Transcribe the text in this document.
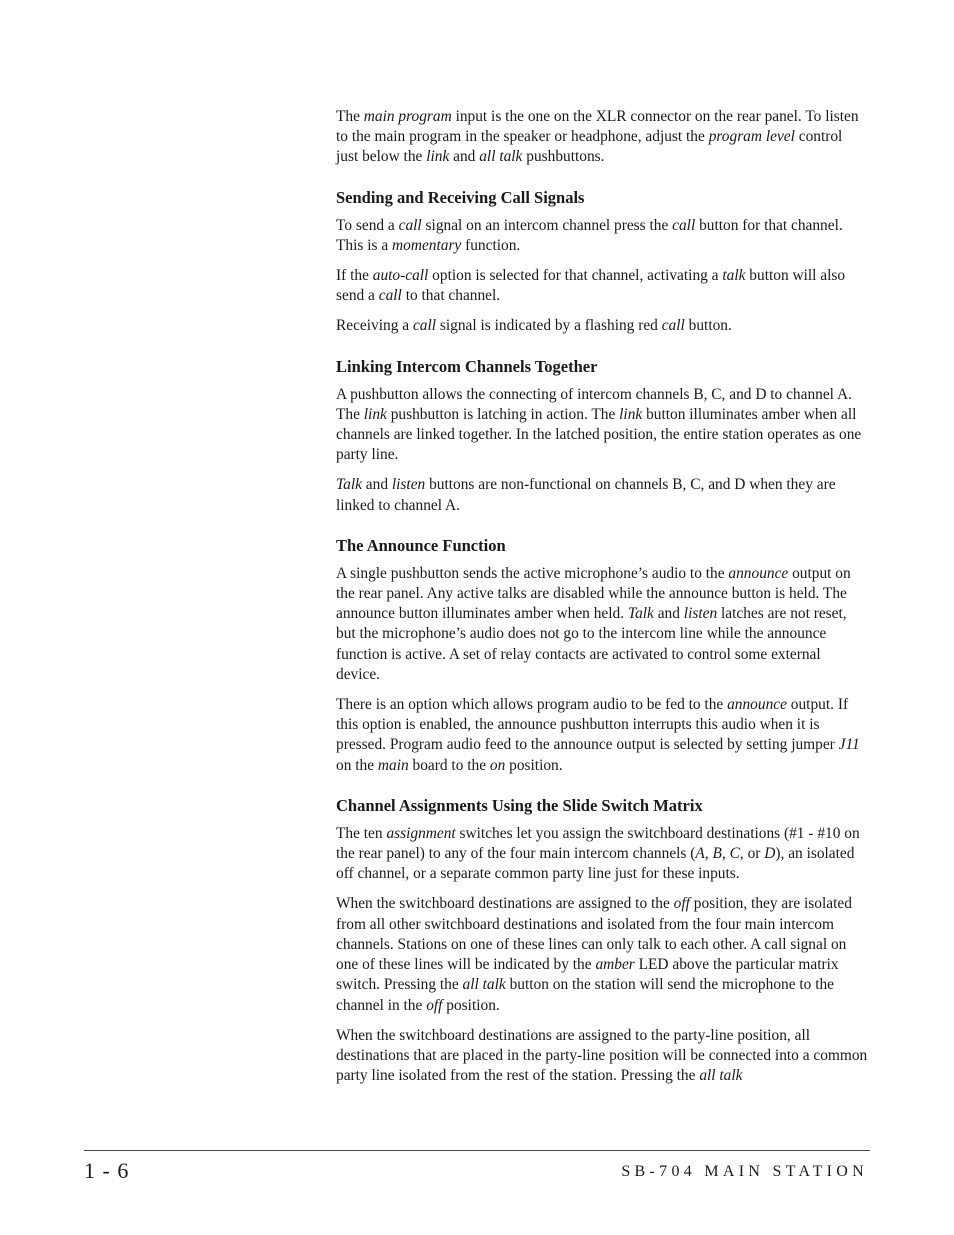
The main program input is the one on the XLR connector on the rear panel. To listen to the main program in the speaker or headphone, adjust the program level control just below the link and all talk pushbuttons.

Sending and Receiving Call Signals

To send a call signal on an intercom channel press the call button for that channel. This is a momentary function.

If the auto-call option is selected for that channel, activating a talk button will also send a call to that channel.

Receiving a call signal is indicated by a flashing red call button.

Linking Intercom Channels Together

A pushbutton allows the connecting of intercom channels B, C, and D to channel A. The link pushbutton is latching in action. The link button illuminates amber when all channels are linked together. In the latched position, the entire station operates as one party line.

Talk and listen buttons are non-functional on channels B, C, and D when they are linked to channel A.

The Announce Function

A single pushbutton sends the active microphone’s audio to the announce output on the rear panel. Any active talks are disabled while the announce button is held. The announce button illuminates amber when held. Talk and listen latches are not reset, but the microphone’s audio does not go to the intercom line while the announce function is active. A set of relay contacts are activated to control some external device.

There is an option which allows program audio to be fed to the announce output. If this option is enabled, the announce pushbutton interrupts this audio when it is pressed. Program audio feed to the announce output is selected by setting jumper J11 on the main board to the on position.

Channel Assignments Using the Slide Switch Matrix

The ten assignment switches let you assign the switchboard destinations (#1 - #10 on the rear panel) to any of the four main intercom channels (A, B, C, or D), an isolated off channel, or a separate common party line just for these inputs.

When the switchboard destinations are assigned to the off position, they are isolated from all other switchboard destinations and isolated from the four main intercom channels. Stations on one of these lines can only talk to each other. A call signal on one of these lines will be indicated by the amber LED above the particular matrix switch. Pressing the all talk button on the station will send the microphone to the channel in the off position.

When the switchboard destinations are assigned to the party-line position, all destinations that are placed in the party-line position will be connected into a common party line isolated from the rest of the station. Pressing the all talk

1 - 6	SB-704 MAIN STATION
